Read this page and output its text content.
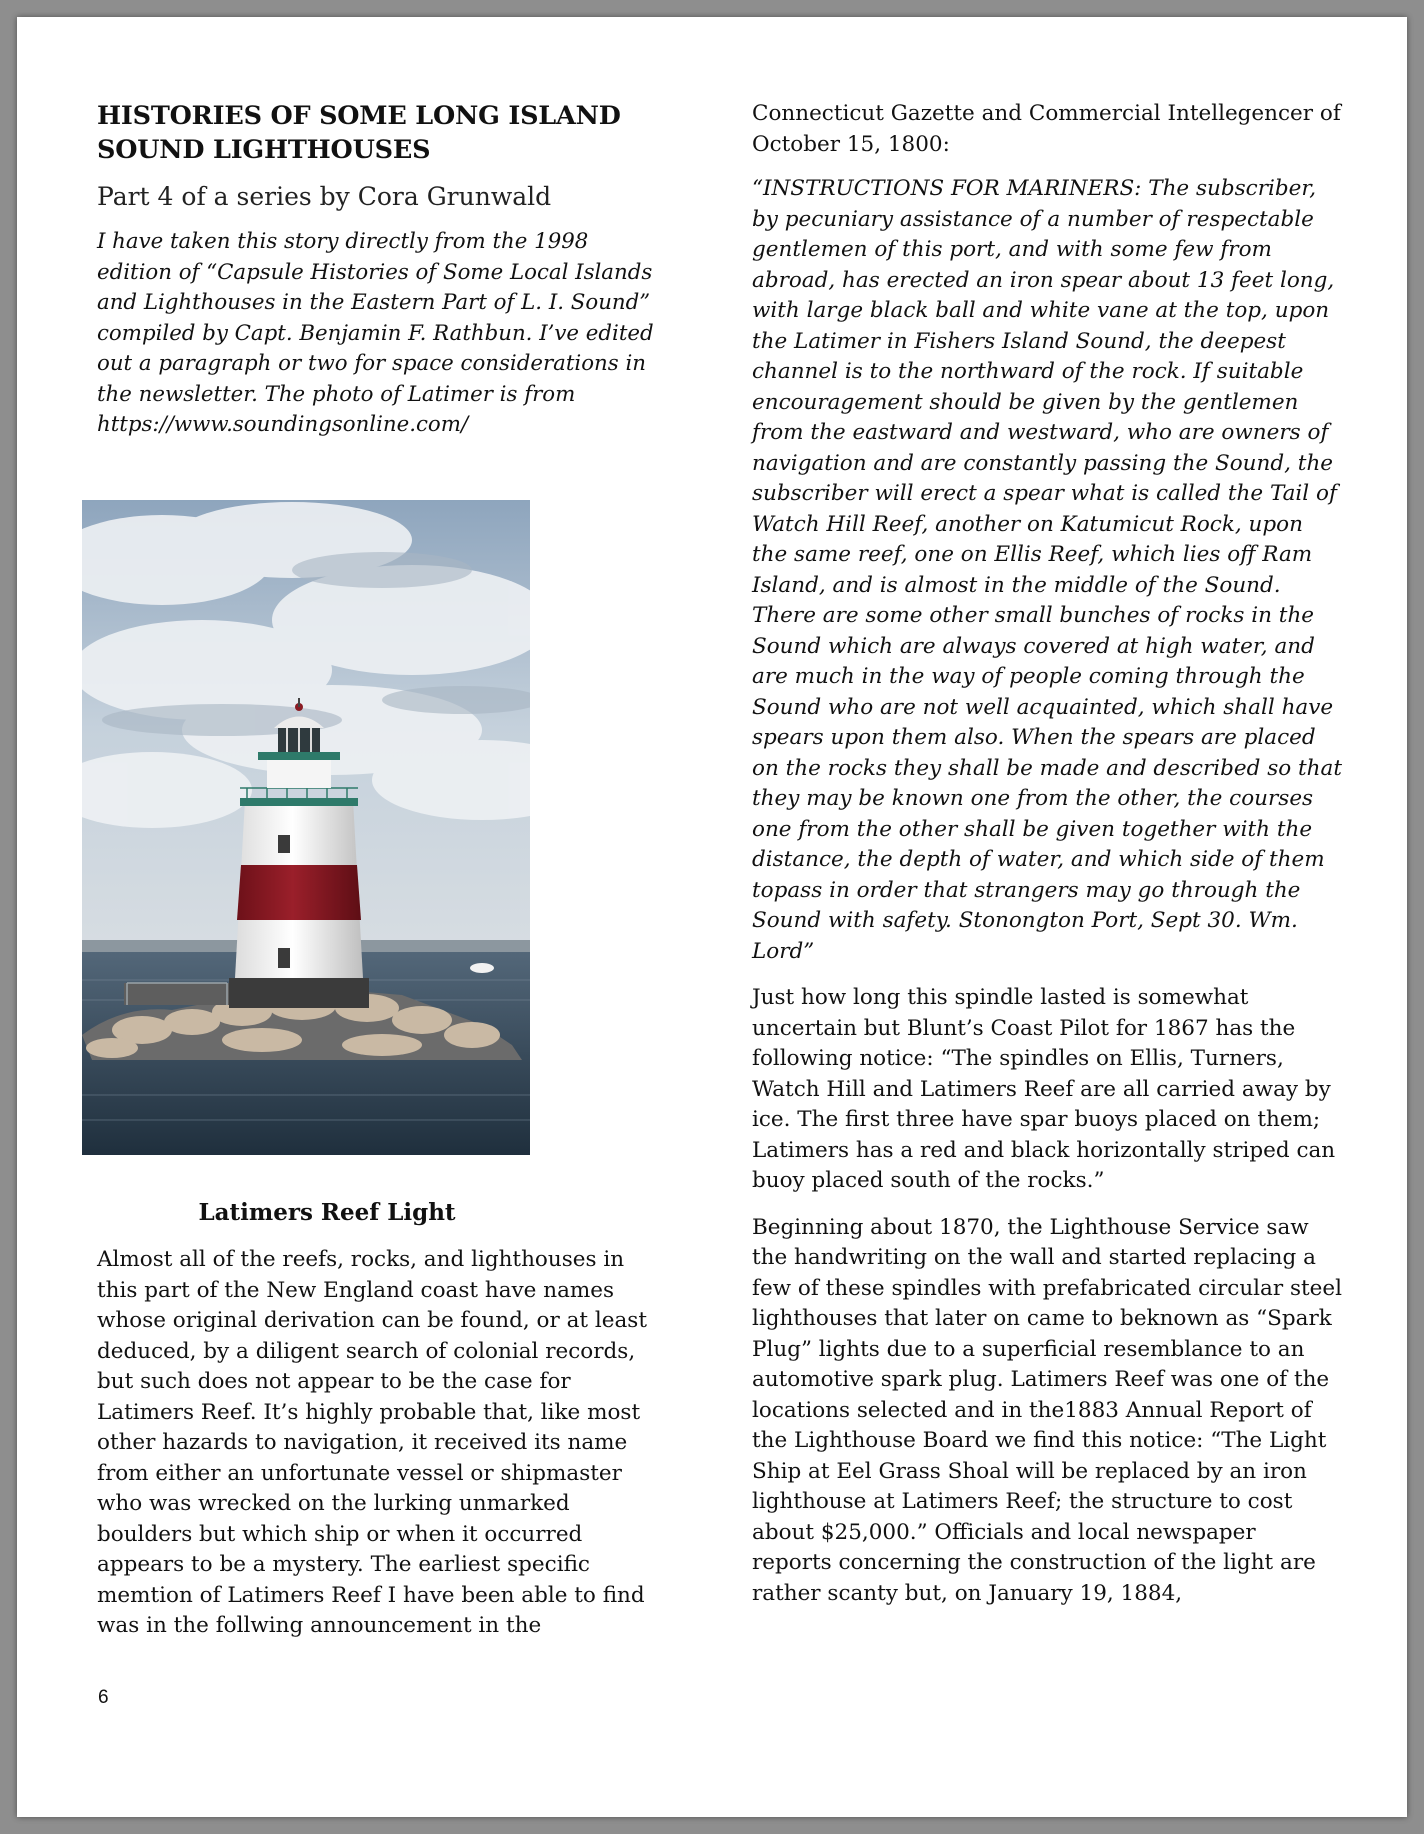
HISTORIES OF SOME LONG ISLAND SOUND LIGHTHOUSES

Part 4 of a series by Cora Grunwald

I have taken this story directly from the 1998 edition of “Capsule Histories of Some Local Islands and Lighthouses in the Eastern Part of L. I. Sound” compiled by Capt. Benjamin F. Rathbun. I’ve edited out a paragraph or two for space considerations in the newsletter. The photo of Latimer is from https://www.soundingsonline.com/

Latimers Reef Light

Almost all of the reefs, rocks, and lighthouses in this part of the New England coast have names whose original derivation can be found, or at least deduced, by a diligent search of colonial records, but such does not appear to be the case for Latimers Reef. It’s highly probable that, like most other hazards to navigation, it received its name from either an unfortunate vessel or shipmaster who was wrecked on the lurking unmarked boulders but which ship or when it occurred appears to be a mystery. The earliest specific memtion of Latimers Reef I have been able to find was in the follwing announcement in the

6

Connecticut Gazette and Commercial Intellegencer of October 15, 1800:

“INSTRUCTIONS FOR MARINERS: The subscriber, by pecuniary assistance of a number of respectable gentlemen of this port, and with some few from abroad, has erected an iron spear about 13 feet long, with large black ball and white vane at the top, upon the Latimer in Fishers Island Sound, the deepest channel is to the northward of the rock. If suitable encouragement should be given by the gentlemen from the eastward and westward, who are owners of navigation and are constantly passing the Sound, the subscriber will erect a spear what is called the Tail of Watch Hill Reef, another on Katumicut Rock, upon the same reef, one on Ellis Reef, which lies off Ram Island, and is almost in the middle of the Sound. There are some other small bunches of rocks in the Sound which are always covered at high water, and are much in the way of people coming through the Sound who are not well acquainted, which shall have spears upon them also. When the spears are placed on the rocks they shall be made and described so that they may be known one from the other, the courses one from the other shall be given together with the distance, the depth of water, and which side of them topass in order that strangers may go through the Sound with safety. Stonongton Port, Sept 30. Wm. Lord”

Just how long this spindle lasted is somewhat uncertain but Blunt’s Coast Pilot for 1867 has the following notice: “The spindles on Ellis, Turners, Watch Hill and Latimers Reef are all carried away by ice. The first three have spar buoys placed on them; Latimers has a red and black horizontally striped can buoy placed south of the rocks.”

Beginning about 1870, the Lighthouse Service saw the handwriting on the wall and started replacing a few of these spindles with prefabricated circular steel lighthouses that later on came to beknown as “Spark Plug” lights due to a superficial resemblance to an automotive spark plug. Latimers Reef was one of the locations selected and in the1883 Annual Report of the Lighthouse Board we find this notice: “The Light Ship at Eel Grass Shoal will be replaced by an iron lighthouse at Latimers Reef; the structure to cost about $25,000.” Officials and local newspaper reports concerning the construction of the light are rather scanty but, on January 19, 1884,
